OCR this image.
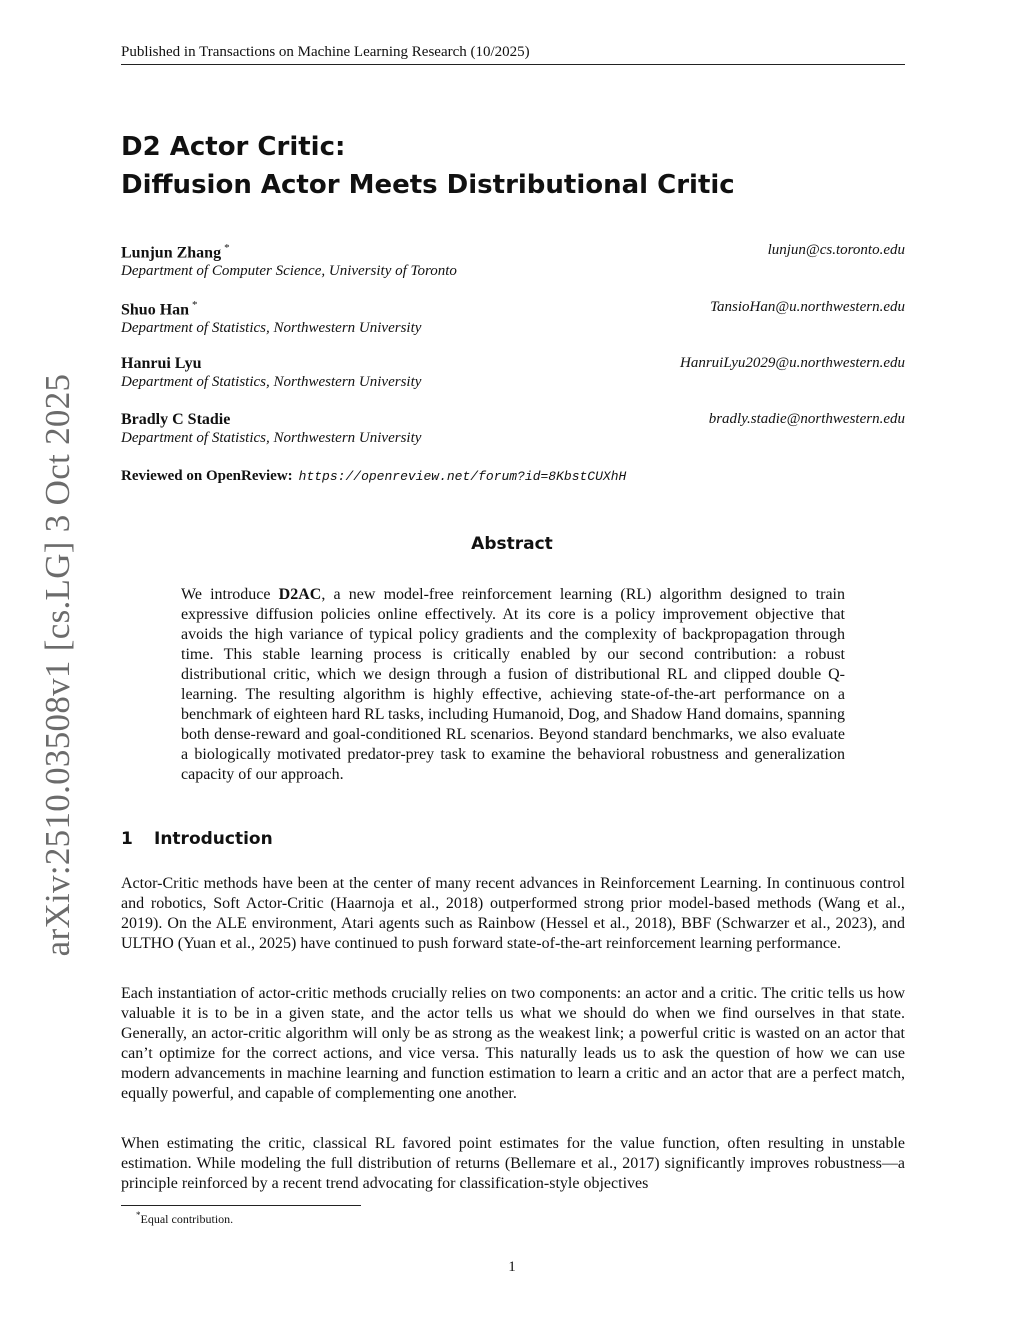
Published in Transactions on Machine Learning Research (10/2025)
arXiv:2510.03508v1 [cs.LG] 3 Oct 2025
D2 Actor Critic:
Diffusion Actor Meets Distributional Critic
Lunjun Zhang *	lunjun@cs.toronto.edu
Department of Computer Science, University of Toronto
Shuo Han *	TansioHan@u.northwestern.edu
Department of Statistics, Northwestern University
Hanrui Lyu	HanruiLyu2029@u.northwestern.edu
Department of Statistics, Northwestern University
Bradly C Stadie	bradly.stadie@northwestern.edu
Department of Statistics, Northwestern University
Reviewed on OpenReview: https://openreview.net/forum?id=8KbstCUXhH
Abstract
We introduce D2AC, a new model-free reinforcement learning (RL) algorithm designed to train expressive diffusion policies online effectively. At its core is a policy improvement objective that avoids the high variance of typical policy gradients and the complexity of backpropagation through time. This stable learning process is critically enabled by our second contribution: a robust distributional critic, which we design through a fusion of distributional RL and clipped double Q-learning. The resulting algorithm is highly effective, achieving state-of-the-art performance on a benchmark of eighteen hard RL tasks, including Humanoid, Dog, and Shadow Hand domains, spanning both dense-reward and goal-conditioned RL scenarios. Beyond standard benchmarks, we also evaluate a biologically motivated predator-prey task to examine the behavioral robustness and generalization capacity of our approach.
1 Introduction
Actor-Critic methods have been at the center of many recent advances in Reinforcement Learning. In continuous control and robotics, Soft Actor-Critic (Haarnoja et al., 2018) outperformed strong prior model-based methods (Wang et al., 2019). On the ALE environment, Atari agents such as Rainbow (Hessel et al., 2018), BBF (Schwarzer et al., 2023), and ULTHO (Yuan et al., 2025) have continued to push forward state-of-the-art reinforcement learning performance.
Each instantiation of actor-critic methods crucially relies on two components: an actor and a critic. The critic tells us how valuable it is to be in a given state, and the actor tells us what we should do when we find ourselves in that state. Generally, an actor-critic algorithm will only be as strong as the weakest link; a powerful critic is wasted on an actor that can’t optimize for the correct actions, and vice versa. This naturally leads us to ask the question of how we can use modern advancements in machine learning and function estimation to learn a critic and an actor that are a perfect match, equally powerful, and capable of complementing one another.
When estimating the critic, classical RL favored point estimates for the value function, often resulting in unstable estimation. While modeling the full distribution of returns (Bellemare et al., 2017) significantly improves robustness—a principle reinforced by a recent trend advocating for classification-style objectives
*Equal contribution.
1
